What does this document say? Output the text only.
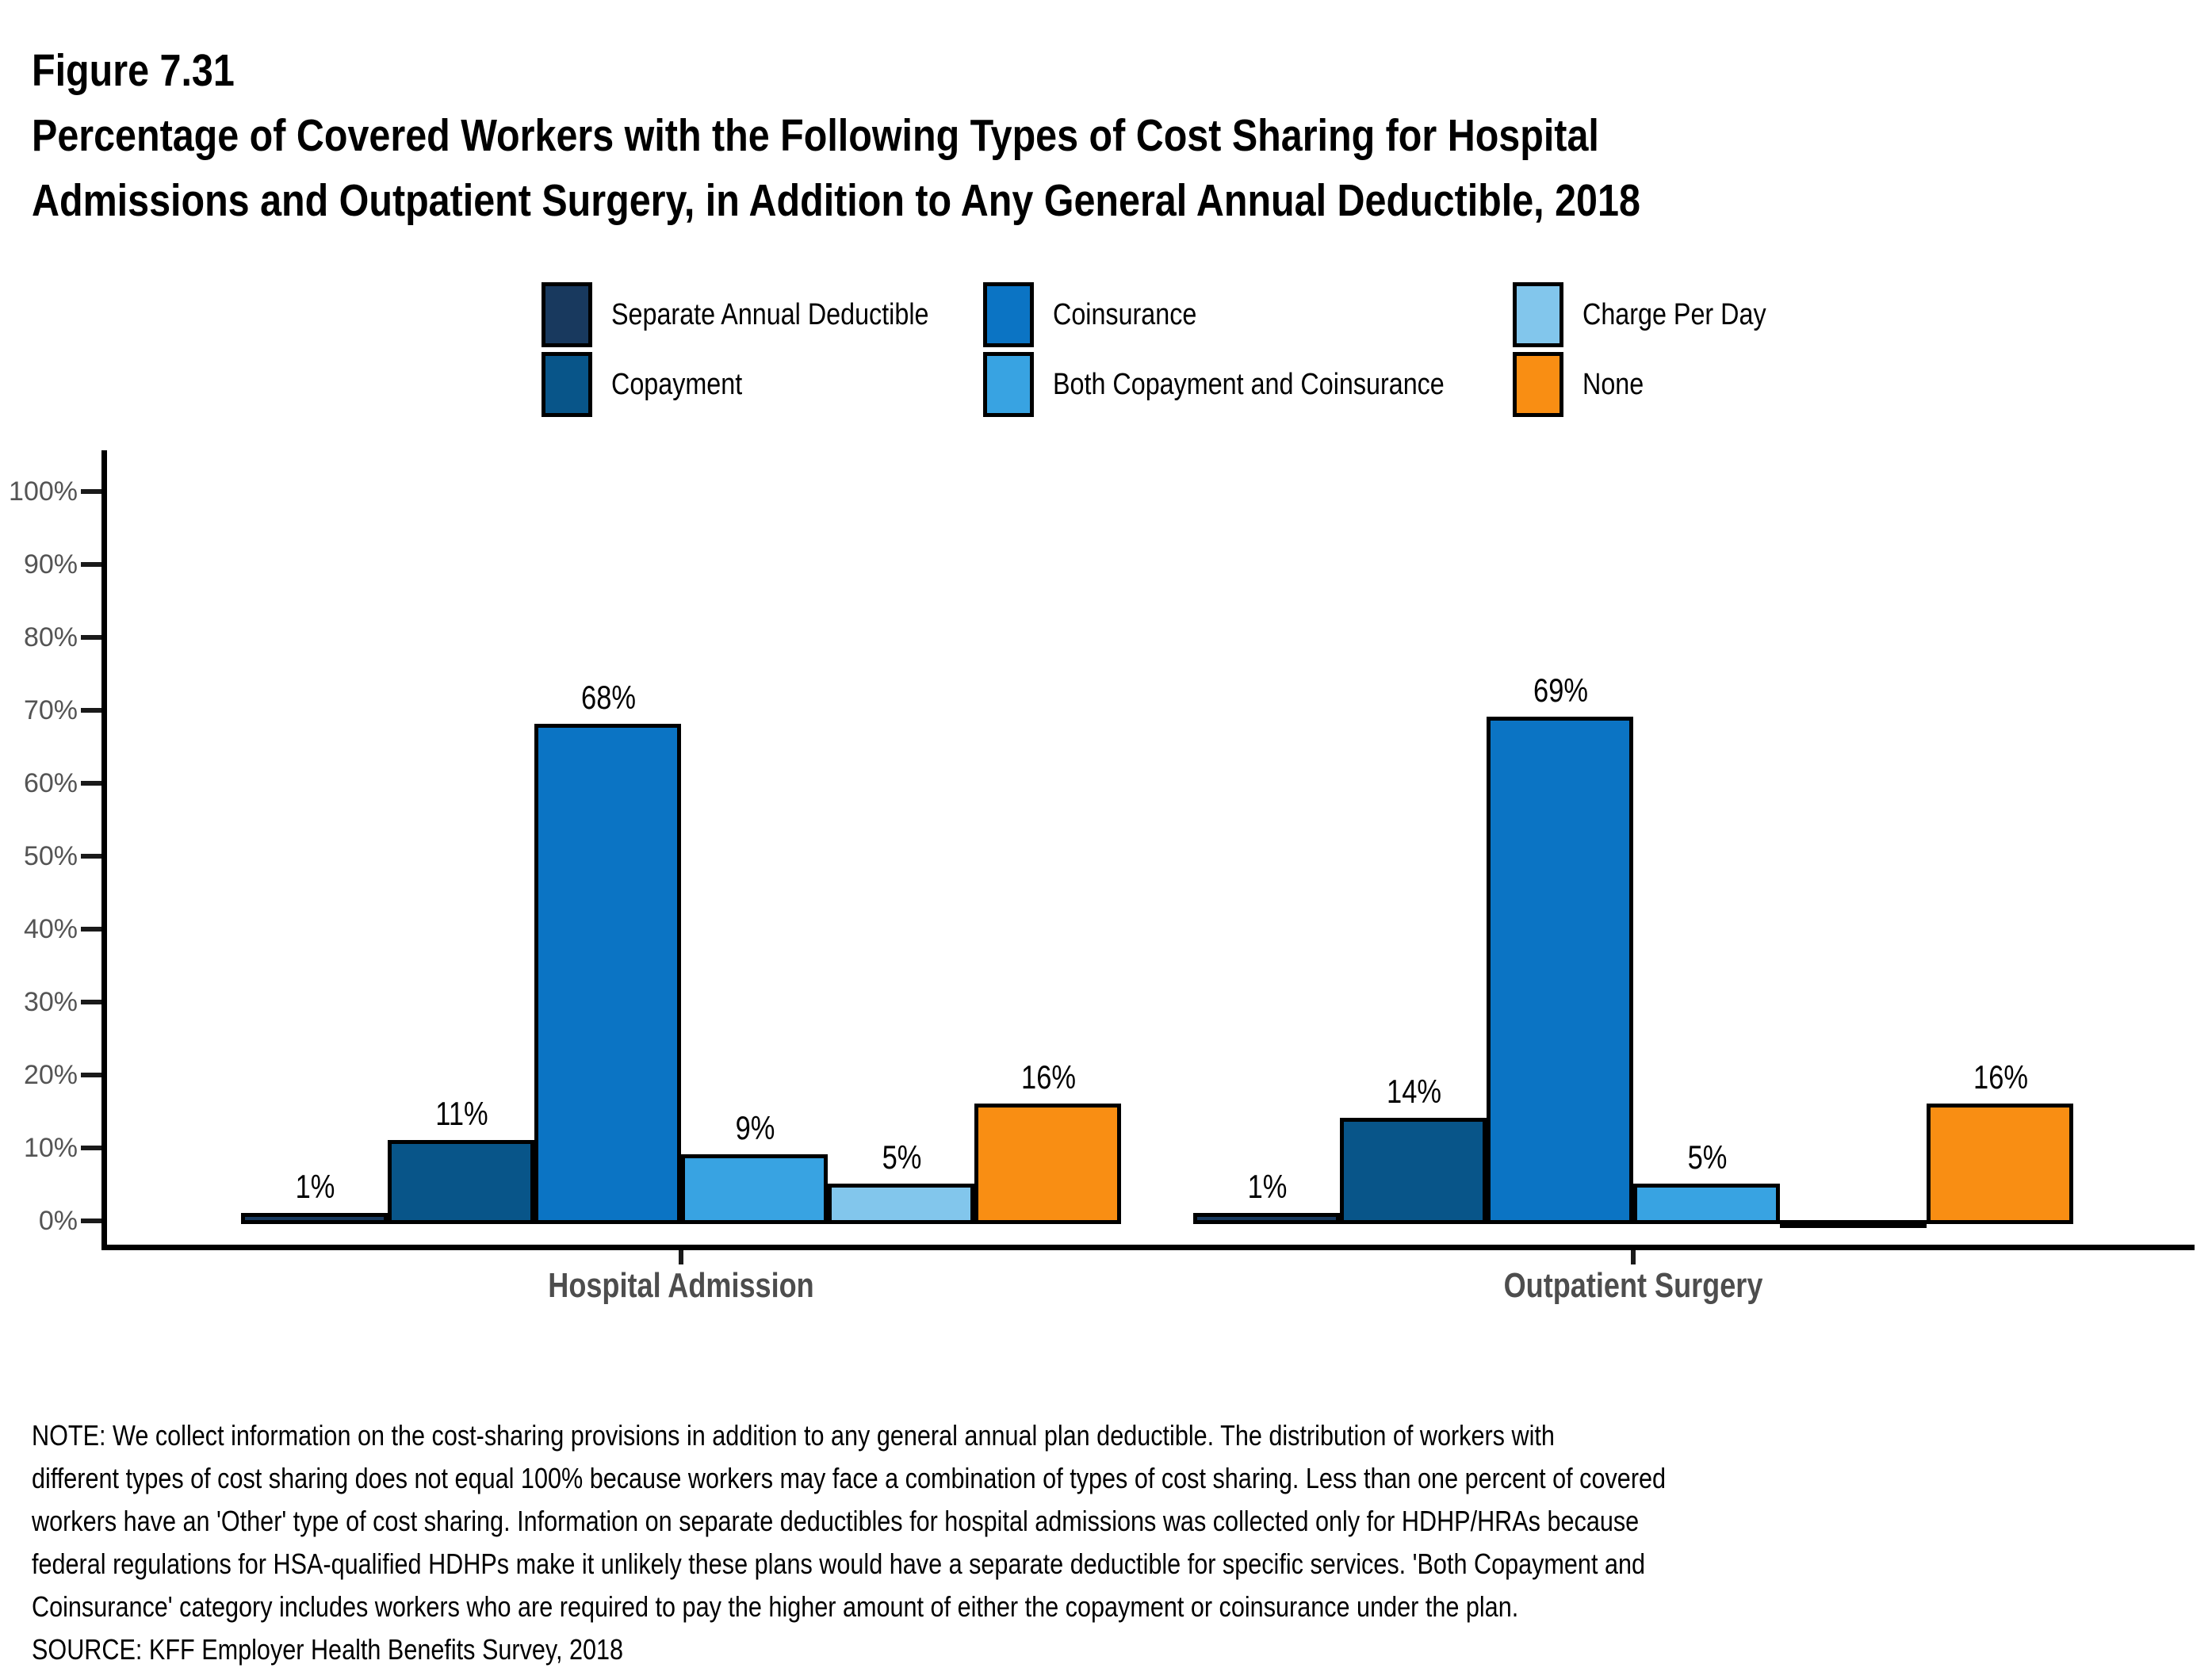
Figure 7.31
Percentage of Covered Workers with the Following Types of Cost Sharing for Hospital
Admissions and Outpatient Surgery, in Addition to Any General Annual Deductible, 2018
Separate Annual Deductible
Copayment
Coinsurance
Both Copayment and Coinsurance
Charge Per Day
None
0%
10%
20%
30%
40%
50%
60%
70%
80%
90%
100%
1%	1%
11%
14%
68%	69%
9%
5%
5%
16%	16%
Hospital Admission	Outpatient Surgery
NOTE: We collect information on the cost-sharing provisions in addition to any general annual plan deductible. The distribution of workers with
different types of cost sharing does not equal 100% because workers may face a combination of types of cost sharing. Less than one percent of covered
workers have an 'Other' type of cost sharing. Information on separate deductibles for hospital admissions was collected only for HDHP/HRAs because
federal regulations for HSA-qualified HDHPs make it unlikely these plans would have a separate deductible for specific services. 'Both Copayment and
Coinsurance' category includes workers who are required to pay the higher amount of either the copayment or coinsurance under the plan.
SOURCE: KFF Employer Health Benefits Survey, 2018
